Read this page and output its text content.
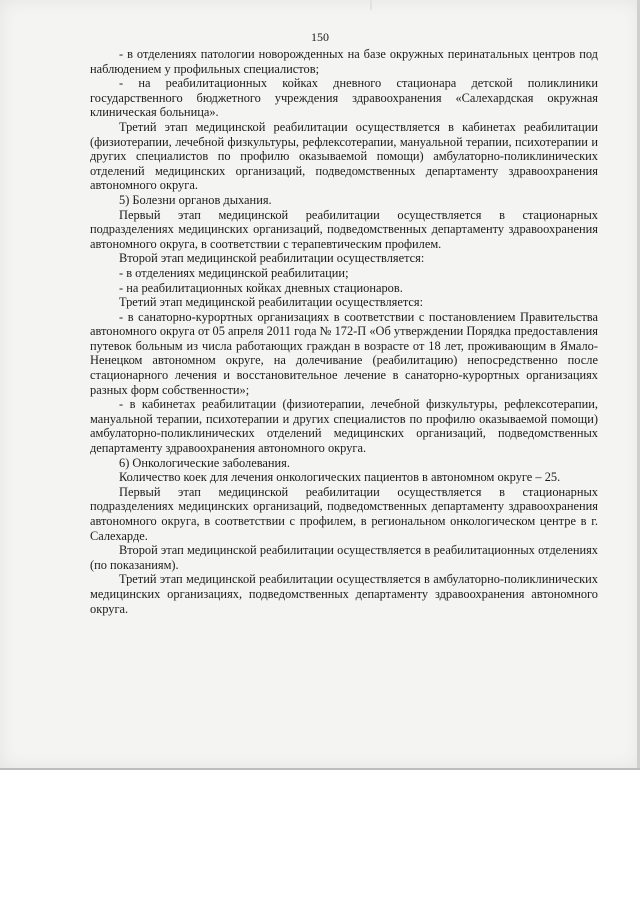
150

- в отделениях патологии новорожденных на базе окружных перинатальных центров под наблюдением у профильных специалистов;

- на реабилитационных койках дневного стационара детской поликлиники государственного бюджетного учреждения здравоохранения «Салехардская окружная клиническая больница».

Третий этап медицинской реабилитации осуществляется в кабинетах реабилитации (физиотерапии, лечебной физкультуры, рефлексотерапии, мануальной терапии, психотерапии и других специалистов по профилю оказываемой помощи) амбулаторно-поликлинических отделений медицинских организаций, подведомственных департаменту здравоохранения автономного округа.

5) Болезни органов дыхания.

Первый этап медицинской реабилитации осуществляется в стационарных подразделениях медицинских организаций, подведомственных департаменту здравоохранения автономного округа, в соответствии с терапевтическим профилем.

Второй этап медицинской реабилитации осуществляется:

- в отделениях медицинской реабилитации;

- на реабилитационных койках дневных стационаров.

Третий этап медицинской реабилитации осуществляется:

- в санаторно-курортных организациях в соответствии с постановлением Правительства автономного округа от 05 апреля 2011 года № 172-П «Об утверждении Порядка предоставления путевок больным из числа работающих граждан в возрасте от 18 лет, проживающим в Ямало-Ненецком автономном округе, на долечивание (реабилитацию) непосредственно после стационарного лечения и восстановительное лечение в санаторно-курортных организациях разных форм собственности»;

- в кабинетах реабилитации (физиотерапии, лечебной физкультуры, рефлексотерапии, мануальной терапии, психотерапии и других специалистов по профилю оказываемой помощи) амбулаторно-поликлинических отделений медицинских организаций, подведомственных департаменту здравоохранения автономного округа.

6) Онкологические заболевания.

Количество коек для лечения онкологических пациентов в автономном округе – 25.

Первый этап медицинской реабилитации осуществляется в стационарных подразделениях медицинских организаций, подведомственных департаменту здравоохранения автономного округа, в соответствии с профилем, в региональном онкологическом центре в г. Салехарде.

Второй этап медицинской реабилитации осуществляется в реабилитационных отделениях (по показаниям).

Третий этап медицинской реабилитации осуществляется в амбулаторно-поликлинических медицинских организациях, подведомственных департаменту здравоохранения автономного округа.
